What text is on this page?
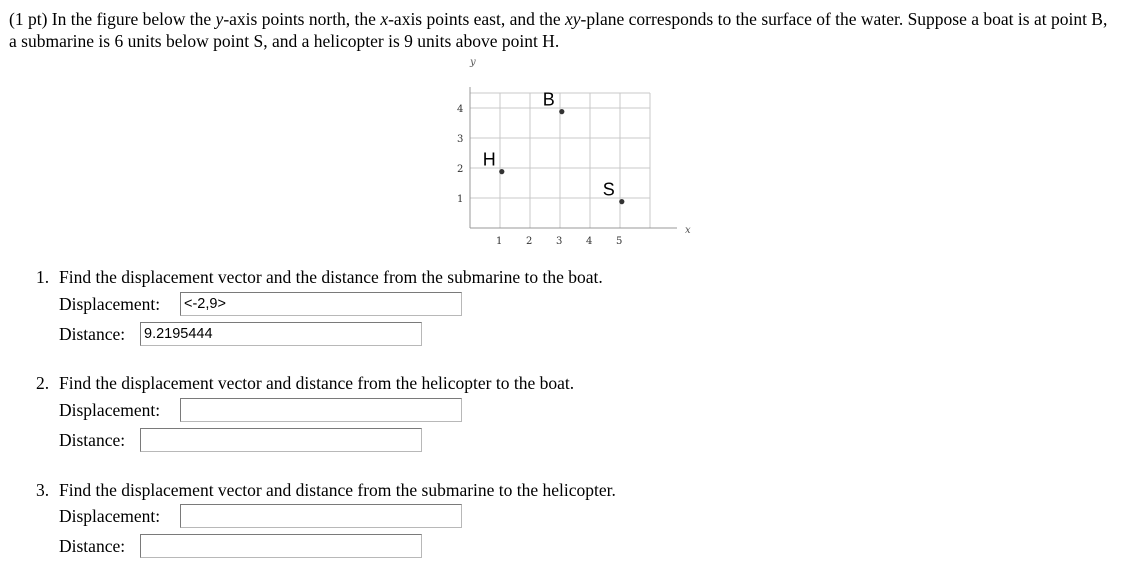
(1 pt) In the figure below the y-axis points north, the x-axis points east, and the xy-plane corresponds to the surface of the water. Suppose a boat is at point B, a submarine is 6 units below point S, and a helicopter is 9 units above point H.

y
x
1 2 3 4 5
1
2
3
4	B
H
S
1. Find the displacement vector and the distance from the submarine to the boat.
Displacement:
<-2,9>
Distance:
9.2195444
2. Find the displacement vector and distance from the helicopter to the boat.
Displacement:
Distance:
3. Find the displacement vector and distance from the submarine to the helicopter.
Displacement:
Distance:
